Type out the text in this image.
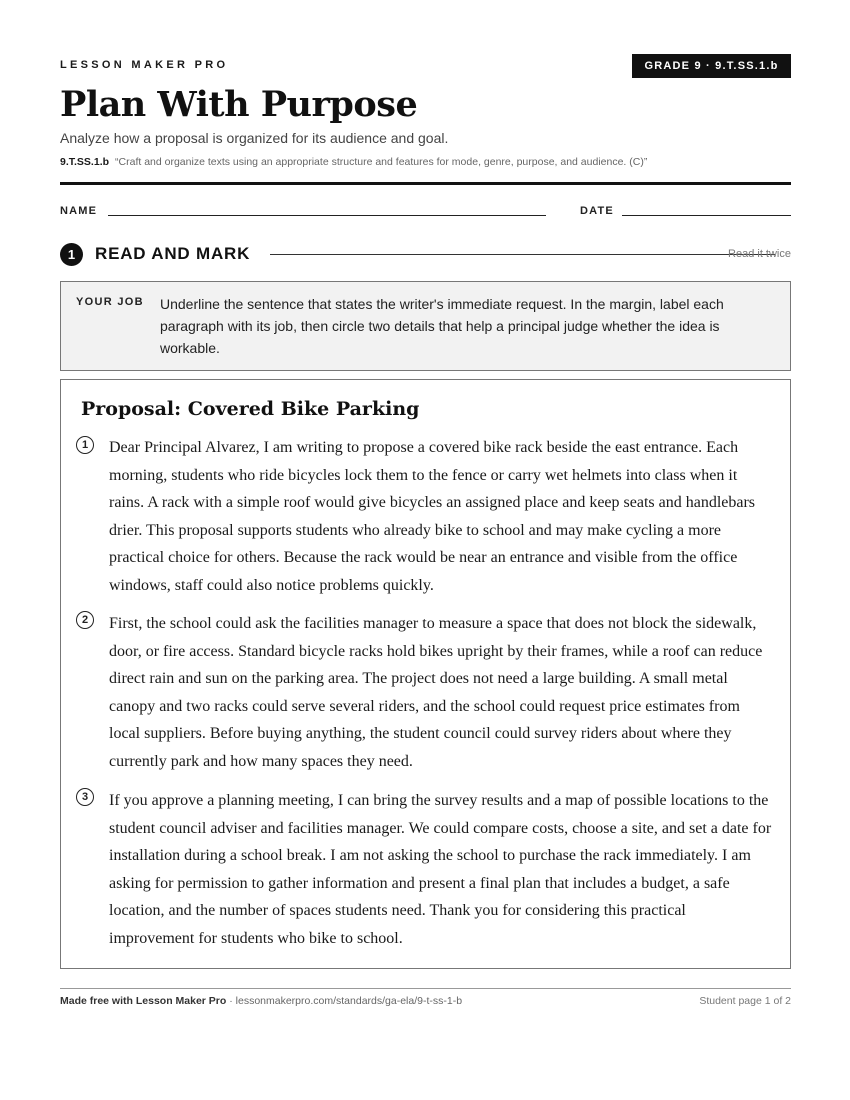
LESSON MAKER PRO	GRADE 9 · 9.T.SS.1.b
Plan With Purpose
Analyze how a proposal is organized for its audience and goal.
9.T.SS.1.b “Craft and organize texts using an appropriate structure and features for mode, genre, purpose, and audience. (C)”
NAME	DATE
1	READ AND MARK	Read it twice
YOUR JOB Underline the sentence that states the writer's immediate request. In the margin, label each paragraph with its job, then circle two details that help a principal judge whether the idea is workable.

Proposal: Covered Bike Parking
1	Dear Principal Alvarez, I am writing to propose a covered bike rack beside the east entrance. Each morning, students who ride bicycles lock them to the fence or carry wet helmets into class when it rains. A rack with a simple roof would give bicycles an assigned place and keep seats and handlebars drier. This proposal supports students who already bike to school and may make cycling a more practical choice for others. Because the rack would be near an entrance and visible from the office windows, staff could also notice problems quickly.

2	First, the school could ask the facilities manager to measure a space that does not block the sidewalk, door, or fire access. Standard bicycle racks hold bikes upright by their frames, while a roof can reduce direct rain and sun on the parking area. The project does not need a large building. A small metal canopy and two racks could serve several riders, and the school could request price estimates from local suppliers. Before buying anything, the student council could survey riders about where they currently park and how many spaces they need.

3	If you approve a planning meeting, I can bring the survey results and a map of possible locations to the student council adviser and facilities manager. We could compare costs, choose a site, and set a date for installation during a school break. I am not asking the school to purchase the rack immediately. I am asking for permission to gather information and present a final plan that includes a budget, a safe location, and the number of spaces students need. Thank you for considering this practical improvement for students who bike to school.

Made free with Lesson Maker Pro · lessonmakerpro.com/standards/ga-ela/9-t-ss-1-b	Student page 1 of 2
